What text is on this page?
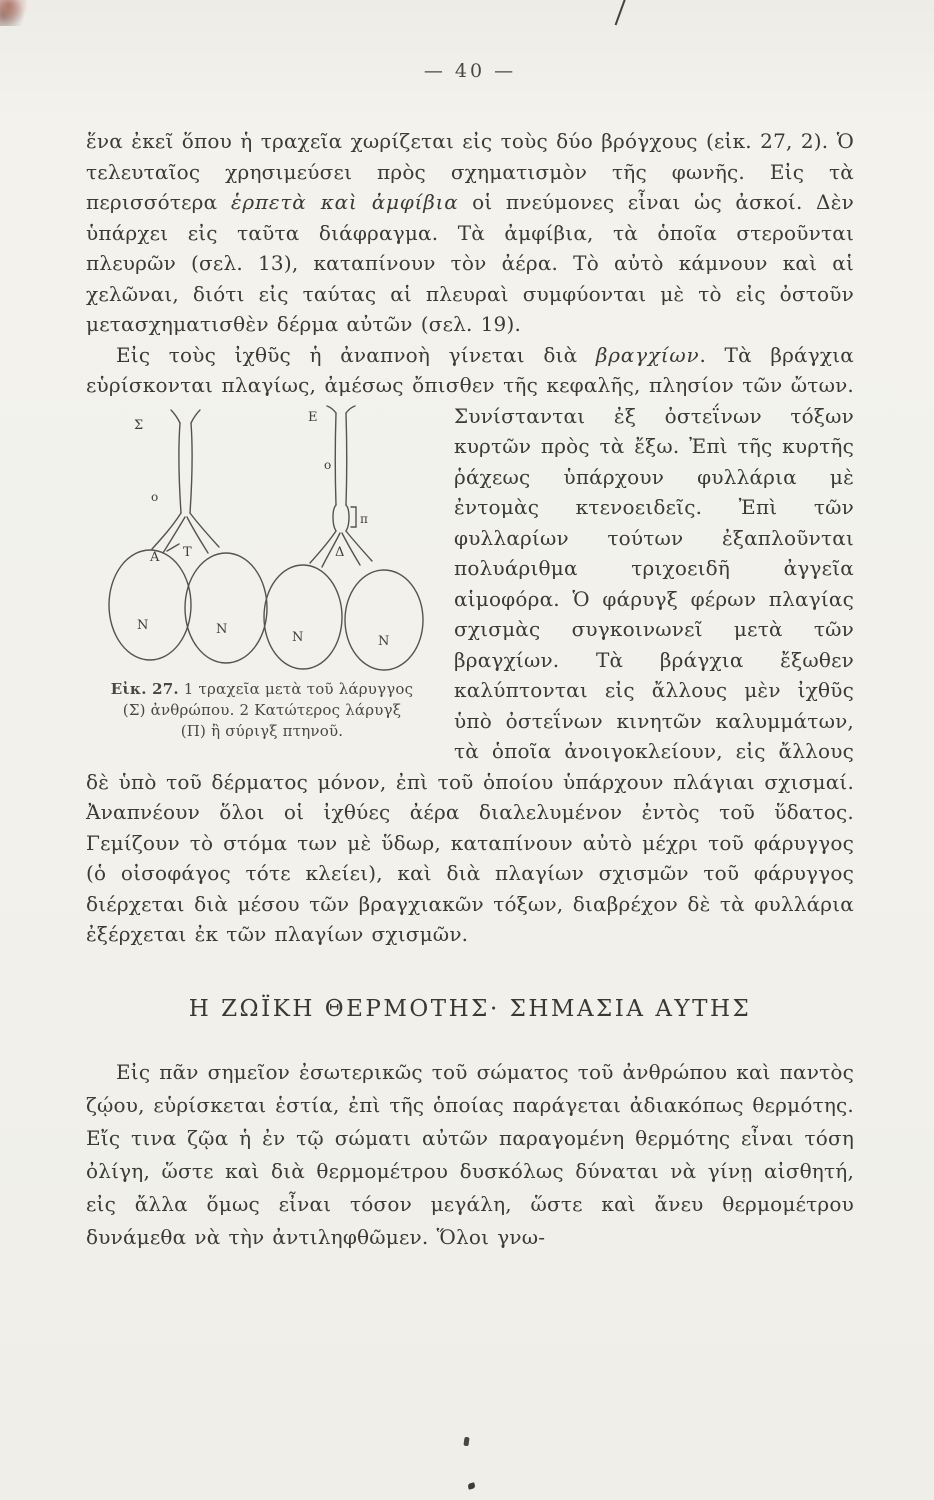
— 40 —
ἕνα ἐκεῖ ὅπου ἡ τραχεῖα χωρίζεται εἰς τοὺς δύο βρόγχους (εἰκ. 27, 2). Ὁ τελευταῖος χρησιμεύσει πρὸς σχηματισμὸν τῆς φωνῆς. Εἰς τὰ περισσότερα ἑρπετὰ καὶ ἀμφίβια οἱ πνεύμονες εἶναι ὡς ἀσκοί. Δὲν ὑπάρχει εἰς ταῦτα διάφραγμα. Τὰ ἀμφίβια, τὰ ὁποῖα στεροῦνται πλευρῶν (σελ. 13), καταπίνουν τὸν ἀέρα. Τὸ αὐτὸ κάμνουν καὶ αἱ χελῶναι, διότι εἰς ταύτας αἱ πλευραὶ συμφύονται μὲ τὸ εἰς ὀστοῦν μετασχηματισθὲν δέρμα αὐτῶν (σελ. 19).
Εἰς τοὺς ἰχθῦς ἡ ἀναπνοὴ γίνεται διὰ βραγχίων. Τὰ βράγχια εὑρίσκονται πλαγίως, ἀμέσως ὄπισθεν τῆς κεφαλῆς, πλησίον τῶν
Σ
ο
Α Τ
Ν	Ν
Ε
ο
π
Δ
Ν	Ν
Εἰκ. 27. 1 τραχεῖα μετὰ τοῦ λάρυγγος
(Σ) ἀνθρώπου. 2 Κατώτερος λάρυγξ
(Π) ἢ σύριγξ πτηνοῦ.
ὤτων. Συνίστανται ἐξ ὀστεΐνων τόξων κυρτῶν πρὸς τὰ ἔξω. Ἐπὶ τῆς κυρτῆς ῥάχεως ὑπάρχουν φυλλάρια μὲ ἐντομὰς κτενοειδεῖς. Ἐπὶ τῶν φυλλαρίων τούτων ἐξαπλοῦνται πολυάριθμα τριχοειδῆ ἀγγεῖα αἱμοφόρα. Ὁ φάρυγξ φέρων πλαγίας σχισμὰς συγκοινωνεῖ μετὰ τῶν βραγχίων. Τὰ βράγχια ἔξωθεν καλύπτονται εἰς ἄλλους μὲν ἰχθῦς ὑπὸ ὀστεΐνων κινητῶν καλυμμάτων, τὰ ὁποῖα ἀνοιγοκλείουν, εἰς ἄλλους δὲ ὑπὸ τοῦ δέρματος μόνον, ἐπὶ τοῦ ὁποίου ὑπάρχουν πλάγιαι σχισμαί. Ἀναπνέουν ὅλοι οἱ ἰχθύες ἀέρα διαλελυμένον ἐντὸς τοῦ ὕδατος. Γεμίζουν τὸ στόμα των μὲ ὕδωρ, καταπίνουν αὐτὸ μέχρι τοῦ φάρυγγος (ὁ οἰσοφάγος τότε κλείει), καὶ διὰ πλαγίων σχισμῶν τοῦ φάρυγγος διέρχεται διὰ μέσου τῶν βραγχιακῶν τόξων, διαβρέχον δὲ τὰ φυλλάρια ἐξέρχεται ἐκ τῶν πλαγίων σχισμῶν.
Η ΖΩΪΚΗ ΘΕΡΜΟΤΗΣ· ΣΗΜΑΣΙΑ ΑΥΤΗΣ
Εἰς πᾶν σημεῖον ἐσωτερικῶς τοῦ σώματος τοῦ ἀνθρώπου καὶ παντὸς ζῴου, εὑρίσκεται ἑστία, ἐπὶ τῆς ὁποίας παράγεται ἀδιακόπως θερμότης. Εἴς τινα ζῷα ἡ ἐν τῷ σώματι αὐτῶν παραγομένη θερμότης εἶναι τόση ὀλίγη, ὥστε καὶ διὰ θερμομέτρου δυσκόλως δύναται νὰ γίνῃ αἰσθητή, εἰς ἄλλα ὅμως εἶναι τόσον μεγάλη, ὥστε καὶ ἄνευ θερμομέτρου δυνάμεθα νὰ τὴν ἀντιληφθῶμεν. Ὅλοι γνω-
